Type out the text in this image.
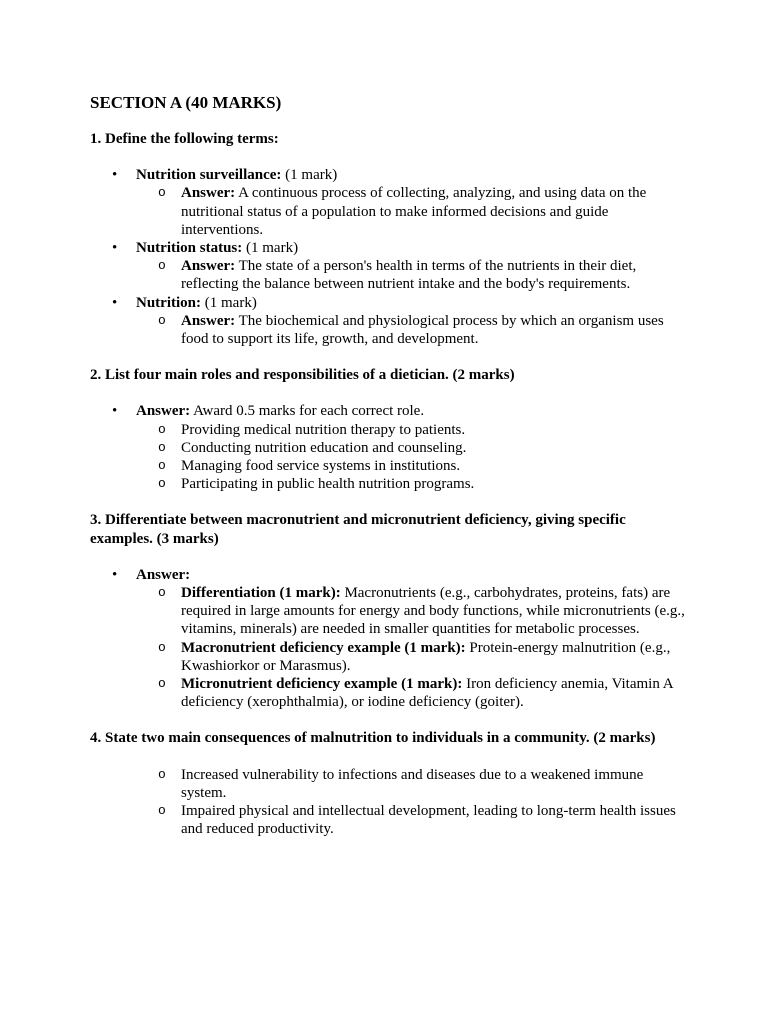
SECTION A (40 MARKS)
1. Define the following terms:
• Nutrition surveillance: (1 mark)
o Answer: A continuous process of collecting, analyzing, and using data on the nutritional status of a population to make informed decisions and guide interventions.
• Nutrition status: (1 mark)
o Answer: The state of a person's health in terms of the nutrients in their diet, reflecting the balance between nutrient intake and the body's requirements.
• Nutrition: (1 mark)
o Answer: The biochemical and physiological process by which an organism uses food to support its life, growth, and development.
2. List four main roles and responsibilities of a dietician. (2 marks)
• Answer: Award 0.5 marks for each correct role.
o Providing medical nutrition therapy to patients.
o Conducting nutrition education and counseling.
o Managing food service systems in institutions.
o Participating in public health nutrition programs.
3. Differentiate between macronutrient and micronutrient deficiency, giving specific examples. (3 marks)
• Answer:
o Differentiation (1 mark): Macronutrients (e.g., carbohydrates, proteins, fats) are required in large amounts for energy and body functions, while micronutrients (e.g., vitamins, minerals) are needed in smaller quantities for metabolic processes.
o Macronutrient deficiency example (1 mark): Protein-energy malnutrition (e.g., Kwashiorkor or Marasmus).
o Micronutrient deficiency example (1 mark): Iron deficiency anemia, Vitamin A deficiency (xerophthalmia), or iodine deficiency (goiter).
4. State two main consequences of malnutrition to individuals in a community. (2 marks)
o Increased vulnerability to infections and diseases due to a weakened immune system.
o Impaired physical and intellectual development, leading to long-term health issues and reduced productivity.
